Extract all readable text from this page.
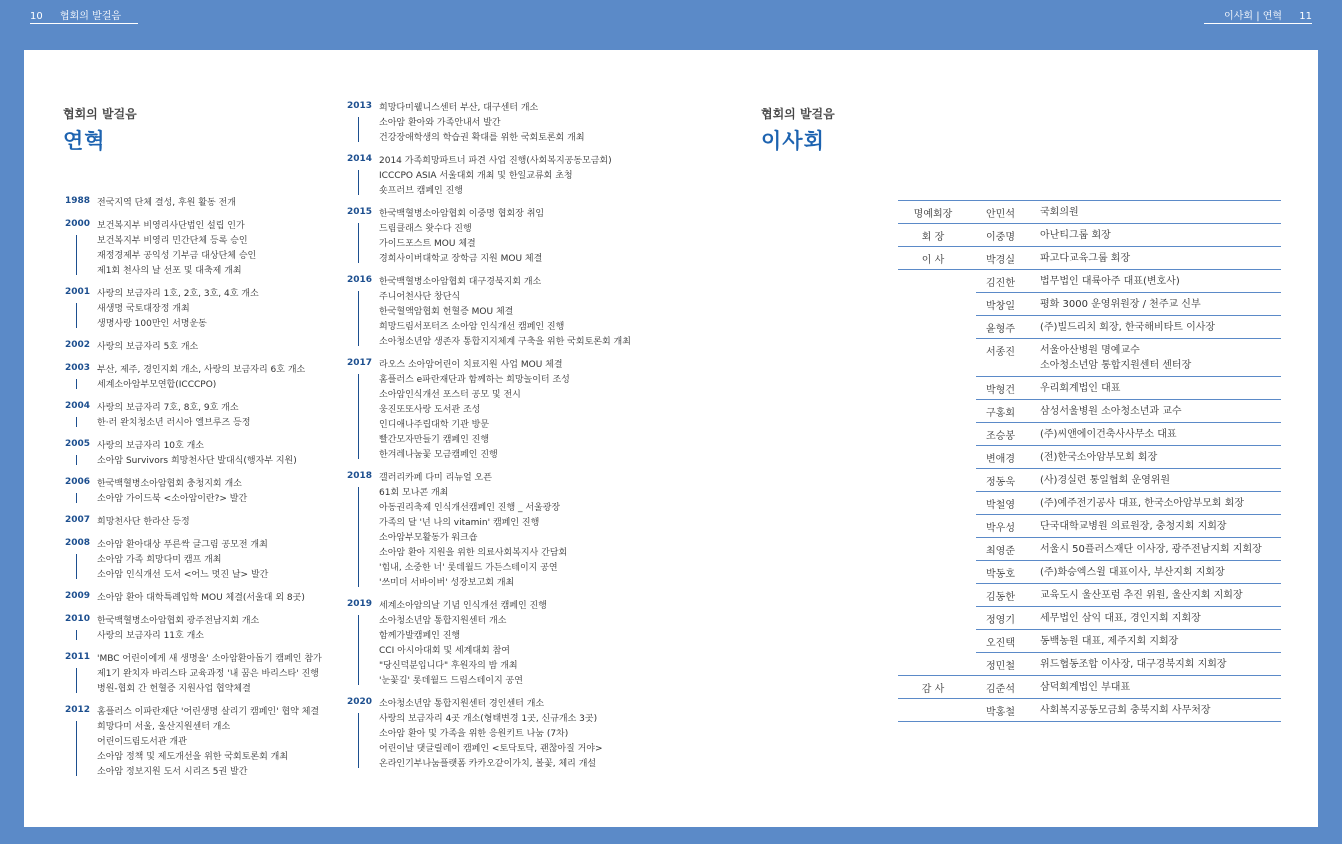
10 협회의 발걸음	이사회 | 연혁 11
협회의 발걸음
연혁
1988 전국지역 단체 결성, 후원 활동 전개
2000 보건복지부 비영리사단법인 설립 인가
보건복지부 비영리 민간단체 등록 승인
재정경제부 공익성 기부금 대상단체 승인
제1회 천사의 날 선포 및 대축제 개최
2001 사랑의 보금자리 1호, 2호, 3호, 4호 개소
새생명 국토대장정 개최
생명사랑 100만인 서명운동
2002 사랑의 보금자리 5호 개소
2003 부산, 제주, 경인지회 개소, 사랑의 보금자리 6호 개소
세계소아암부모연합(ICCCPO)
2004 사랑의 보금자리 7호, 8호, 9호 개소
한·러 완치청소년 러시아 엘브루즈 등정
2005 사랑의 보금자리 10호 개소
소아암 Survivors 희망천사단 발대식(행자부 지원)
2006 한국백혈병소아암협회 충청지회 개소
소아암 가이드북 <소아암이란?> 발간
2007 희망천사단 한라산 등정
2008 소아암 환아대상 푸른싹 글그림 공모전 개최
소아암 가족 희망다미 캠프 개최
소아암 인식개선 도서 <어느 멋진 날> 발간
2009 소아암 환아 대학특례입학 MOU 체결(서울대 외 8곳)
2010 한국백혈병소아암협회 광주전남지회 개소
사랑의 보금자리 11호 개소
2011 'MBC 어린이에게 새 생명을' 소아암환아돕기 캠페인 참가
제1기 완치자 바리스타 교육과정 '내 꿈은 바리스타' 진행
병원-협회 간 헌혈증 지원사업 협약체결
2012 홈플러스 이파란재단 '어린생명 살리기 캠페인' 협약 체결
희망다미 서울, 울산지원센터 개소
어린이드림도서관 개관
소아암 정책 및 제도개선을 위한 국회토론회 개최
소아암 정보지원 도서 시리즈 5권 발간
2013 희망다미웰니스센터 부산, 대구센터 개소
소아암 환아와 가족안내서 발간
건강장애학생의 학습권 확대를 위한 국회토론회 개최
2014 2014 가족희망파트너 파견 사업 진행(사회복지공동모금회)
ICCCPO ASIA 서울대회 개최 및 한일교류회 초청
숏프러브 캠페인 진행
2015 한국백혈병소아암협회 이중명 협회장 취임
드림클래스 왓수다 진행
가이드포스트 MOU 체결
경희사이버대학교 장학금 지원 MOU 체결
2016 한국백혈병소아암협회 대구경북지회 개소
주니어천사단 창단식
한국혈액암협회 헌혈증 MOU 체결
희망드림서포터즈 소아암 인식개선 캠페인 진행
소아청소년암 생존자 통합지지체계 구축을 위한 국회토론회 개최
2017 라오스 소아암어린이 치료지원 사업 MOU 체결
홈플러스 e파란재단과 함께하는 희망놀이터 조성
소아암인식개선 포스터 공모 및 전시
웅진또또사랑 도서관 조성
인디애나주립대학 기관 방문
빨간모자만들기 캠페인 진행
한겨레나눔꽃 모금캠페인 진행
2018 갤러리카페 다미 리뉴얼 오픈
61회 모나콘 개최
아동권리축제 인식개선캠페인 진행 _ 서울광장
가족의 달 '넌 나의 vitamin' 캠페인 진행
소아암부모활동가 워크숍
소아암 환아 지원을 위한 의료사회복지사 간담회
'힘내, 소중한 너' 롯데월드 가든스테이지 공연
'쓰미더 서바이버' 성장보고회 개최
2019 세계소아암의날 기념 인식개선 캠페인 진행
소아청소년암 통합지원센터 개소
함께가발캠페인 진행
CCI 아시아대회 및 세계대회 참여
"당신덕분입니다" 후원자의 밤 개최
'눈꽃길' 롯데월드 드림스테이지 공연
2020 소아청소년암 통합지원센터 경인센터 개소
사랑의 보금자리 4곳 개소(형태변경 1곳, 신규개소 3곳)
소아암 환아 및 가족을 위한 응원키트 나눔 (7차)
어린이날 댓글릴레이 캠페인 <토닥토닥, 괜찮아질 거야>
온라인기부나눔플랫폼 카카오같이가치, 볼꽃, 체리 개설
협회의 발걸음
이사회
명예회장	안민석	국회의원
회 장	이중명	아난티그룹 회장
이 사	박경실	파고다교육그룹 회장
김진한	법무법인 대륙아주 대표(변호사)
박창일	평화 3000 운영위원장 / 천주교 신부
윤형주	(주)빌드리치 회장, 한국해비타트 이사장
서종진	서울아산병원 명예교수
소아청소년암 통합지원센터 센터장
박형건	우리회계법인 대표
구홍회	삼성서울병원 소아청소년과 교수
조승봉	(주)씨앤에이건축사사무소 대표
변애경	(전)한국소아암부모회 회장
정동욱	(사)경실련 통일협회 운영위원
박철영	(주)예주전기공사 대표, 한국소아암부모회 회장
박우성	단국대학교병원 의료원장, 충청지회 지회장
최영준	서울시 50플러스재단 이사장, 광주전남지회 지회장
박동호	(주)화승엑스윌 대표이사, 부산지회 지회장
김동한	교육도시 울산포럼 추진 위원, 울산지회 지회장
정영기	세무법인 삼익 대표, 경인지회 지회장
오진택	동백농원 대표, 제주지회 지회장
정민철	위드협동조합 이사장, 대구경북지회 지회장
감 사	김준석	삼덕회계법인 부대표
박홍철	사회복지공동모금회 충북지회 사무처장
